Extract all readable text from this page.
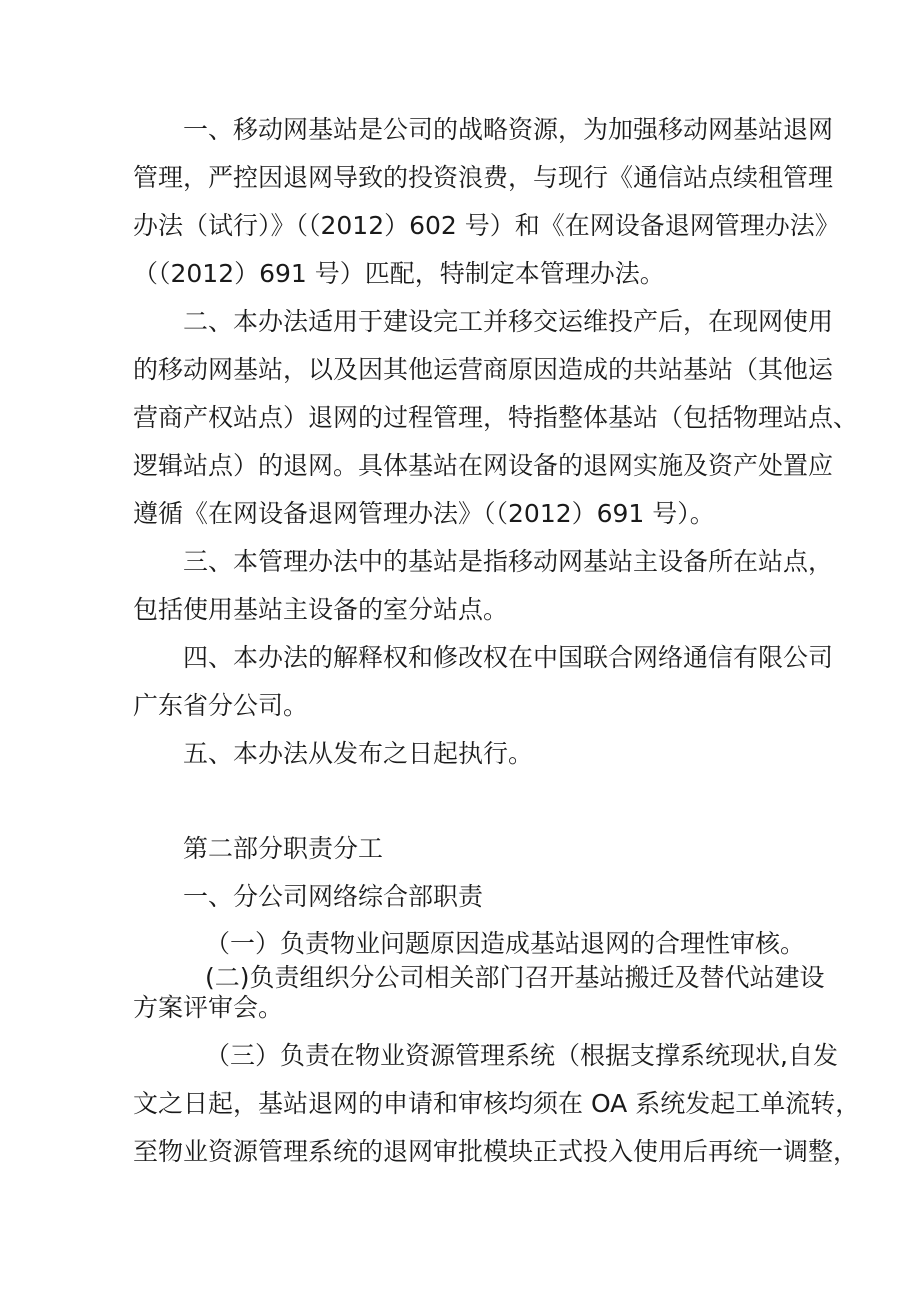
一、移动网基站是公司的战略资源，为加强移动网基站退网
管理，严控因退网导致的投资浪费，与现行《通信站点续租管理
办法（试行）》（（2012）602 号）和《在网设备退网管理办法》
（（2012）691 号）匹配，特制定本管理办法。
二、本办法适用于建设完工并移交运维投产后，在现网使用
的移动网基站，以及因其他运营商原因造成的共站基站（其他运
营商产权站点）退网的过程管理，特指整体基站（包括物理站点、
逻辑站点）的退网。具体基站在网设备的退网实施及资产处置应
遵循《在网设备退网管理办法》（（2012）691 号）。
三、本管理办法中的基站是指移动网基站主设备所在站点，
包括使用基站主设备的室分站点。
四、本办法的解释权和修改权在中国联合网络通信有限公司
广东省分公司。
五、本办法从发布之日起执行。
第二部分职责分工
一、分公司网络综合部职责
（一）负责物业问题原因造成基站退网的合理性审核。
(二)负责组织分公司相关部门召开基站搬迁及替代站建设
方案评审会。
（三）负责在物业资源管理系统（根据支撑系统现状,自发
文之日起，基站退网的申请和审核均须在 OA 系统发起工单流转，
至物业资源管理系统的退网审批模块正式投入使用后再统一调整，
